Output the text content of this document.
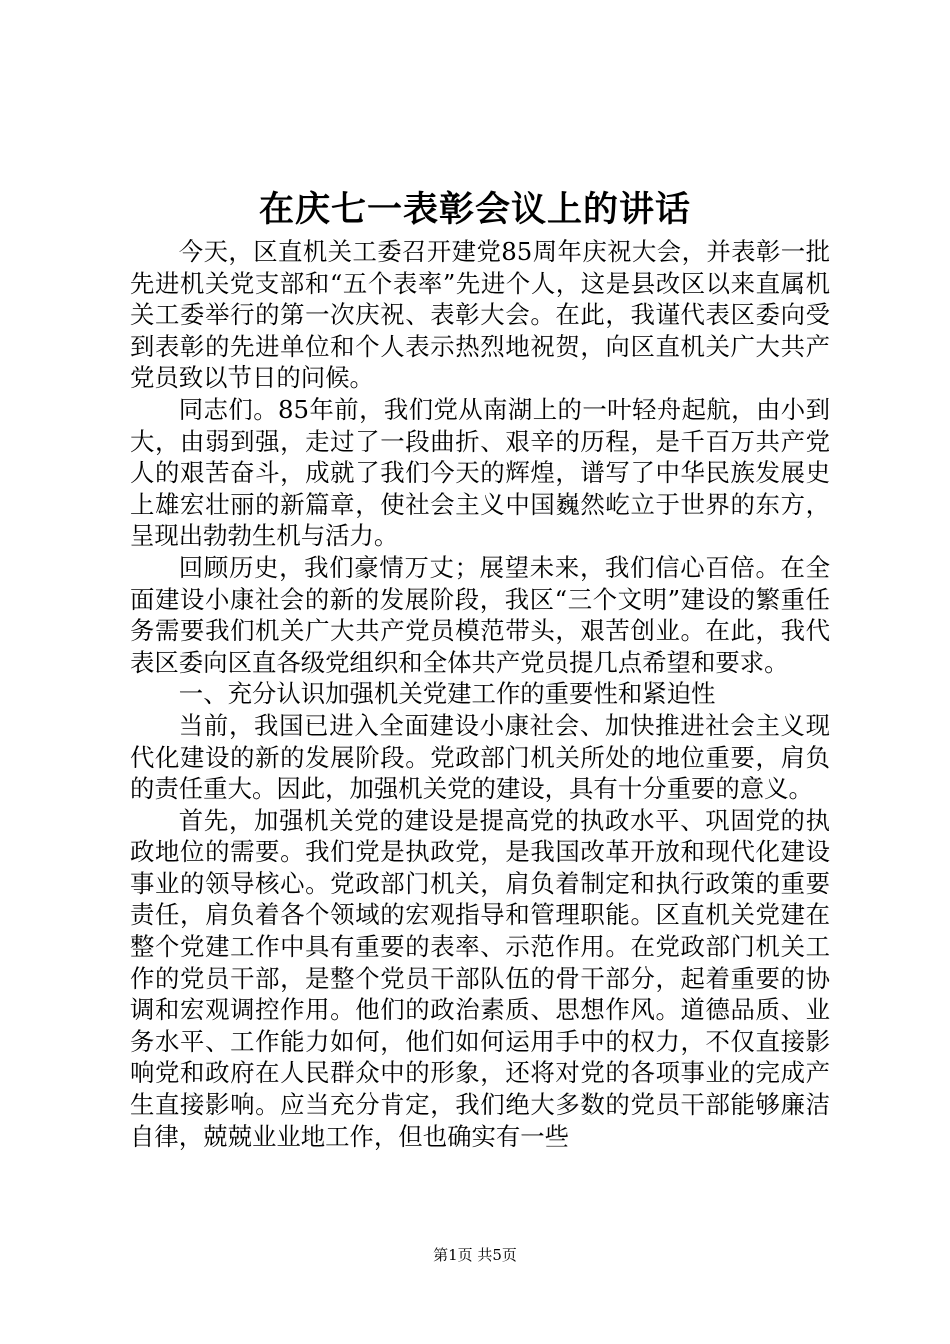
在庆七一表彰会议上的讲话

今天，区直机关工委召开建党85周年庆祝大会，并表彰一批先进机关党支部和“五个表率”先进个人，这是县改区以来直属机关工委举行的第一次庆祝、表彰大会。在此，我谨代表区委向受到表彰的先进单位和个人表示热烈地祝贺，向区直机关广大共产党员致以节日的问候。

同志们。85年前，我们党从南湖上的一叶轻舟起航，由小到大，由弱到强，走过了一段曲折、艰辛的历程，是千百万共产党人的艰苦奋斗，成就了我们今天的辉煌，谱写了中华民族发展史上雄宏壮丽的新篇章，使社会主义中国巍然屹立于世界的东方，呈现出勃勃生机与活力。

回顾历史，我们豪情万丈；展望未来，我们信心百倍。在全面建设小康社会的新的发展阶段，我区“三个文明”建设的繁重任务需要我们机关广大共产党员模范带头，艰苦创业。在此，我代表区委向区直各级党组织和全体共产党员提几点希望和要求。

一、充分认识加强机关党建工作的重要性和紧迫性

当前，我国已进入全面建设小康社会、加快推进社会主义现代化建设的新的发展阶段。党政部门机关所处的地位重要，肩负的责任重大。因此，加强机关党的建设，具有十分重要的意义。

首先，加强机关党的建设是提高党的执政水平、巩固党的执政地位的需要。我们党是执政党，是我国改革开放和现代化建设事业的领导核心。党政部门机关，肩负着制定和执行政策的重要责任，肩负着各个领域的宏观指导和管理职能。区直机关党建在整个党建工作中具有重要的表率、示范作用。在党政部门机关工作的党员干部，是整个党员干部队伍的骨干部分，起着重要的协调和宏观调控作用。他们的政治素质、思想作风。道德品质、业务水平、工作能力如何，他们如何运用手中的权力，不仅直接影响党和政府在人民群众中的形象，还将对党的各项事业的完成产生直接影响。应当充分肯定，我们绝大多数的党员干部能够廉洁自律，兢兢业业地工作，但也确实有一些

第1页 共5页
